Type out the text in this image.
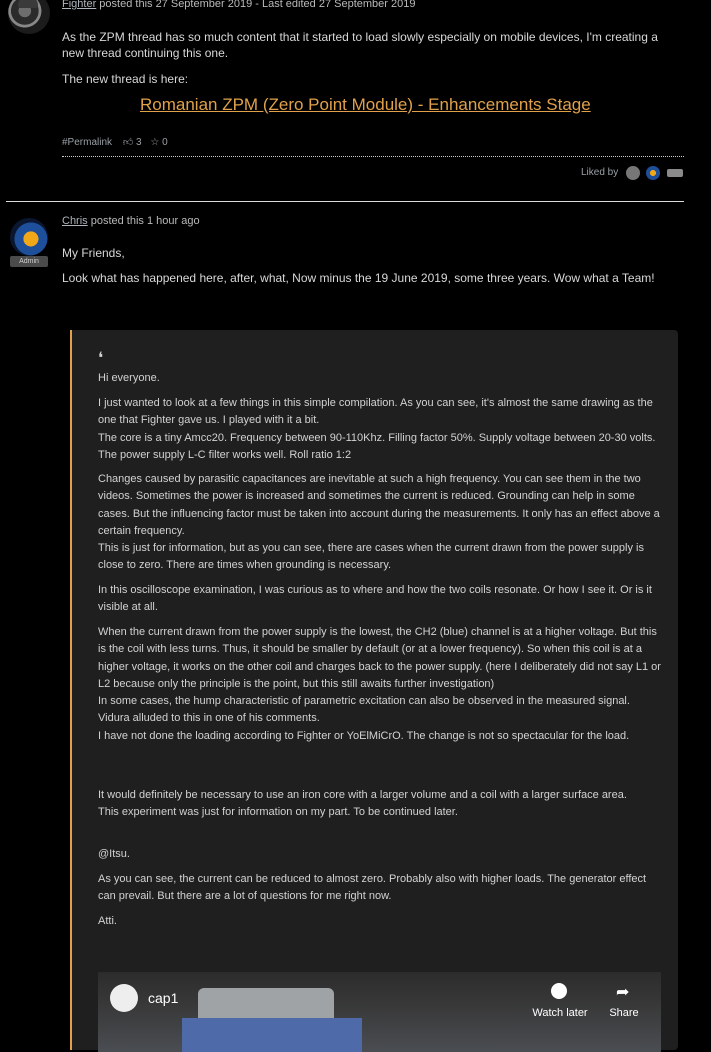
Fighter posted this 27 September 2019 - Last edited 27 September 2019
As the ZPM thread has so much content that it started to load slowly especially on mobile devices, I'm creating a new thread continuing this one.
The new thread is here:
Romanian ZPM (Zero Point Module) - Enhancements Stage
#Permalink 👍︎ 3 ☆ 0
Liked by
Admin
Chris posted this 1 hour ago
My Friends,
Look what has happened here, after, what, Now minus the 19 June 2019, some three years. Wow what a Team!
❛
Hi everyone.
I just wanted to look at a few things in this simple compilation. As you can see, it's almost the same drawing as the one that Fighter gave us. I played with it a bit.
The core is a tiny Amcc20. Frequency between 90-110Khz. Filling factor 50%. Supply voltage between 20-30 volts. The power supply L-C filter works well. Roll ratio 1:2
Changes caused by parasitic capacitances are inevitable at such a high frequency. You can see them in the two videos. Sometimes the power is increased and sometimes the current is reduced. Grounding can help in some cases. But the influencing factor must be taken into account during the measurements. It only has an effect above a certain frequency.
This is just for information, but as you can see, there are cases when the current drawn from the power supply is close to zero. There are times when grounding is necessary.
In this oscilloscope examination, I was curious as to where and how the two coils resonate. Or how I see it. Or is it visible at all.
When the current drawn from the power supply is the lowest, the CH2 (blue) channel is at a higher voltage. But this is the coil with less turns. Thus, it should be smaller by default (or at a lower frequency). So when this coil is at a higher voltage, it works on the other coil and charges back to the power supply. (here I deliberately did not say L1 or L2 because only the principle is the point, but this still awaits further investigation)
In some cases, the hump characteristic of parametric excitation can also be observed in the measured signal. Vidura alluded to this in one of his comments.
I have not done the loading according to Fighter or YoElMiCrO. The change is not so spectacular for the load.
It would definitely be necessary to use an iron core with a larger volume and a coil with a larger surface area.
This experiment was just for information on my part. To be continued later.
@Itsu.
As you can see, the current can be reduced to almost zero. Probably also with higher loads. The generator effect can prevail. But there are a lot of questions for me right now.
Atti.
cap1
Watch later
➦
Share
